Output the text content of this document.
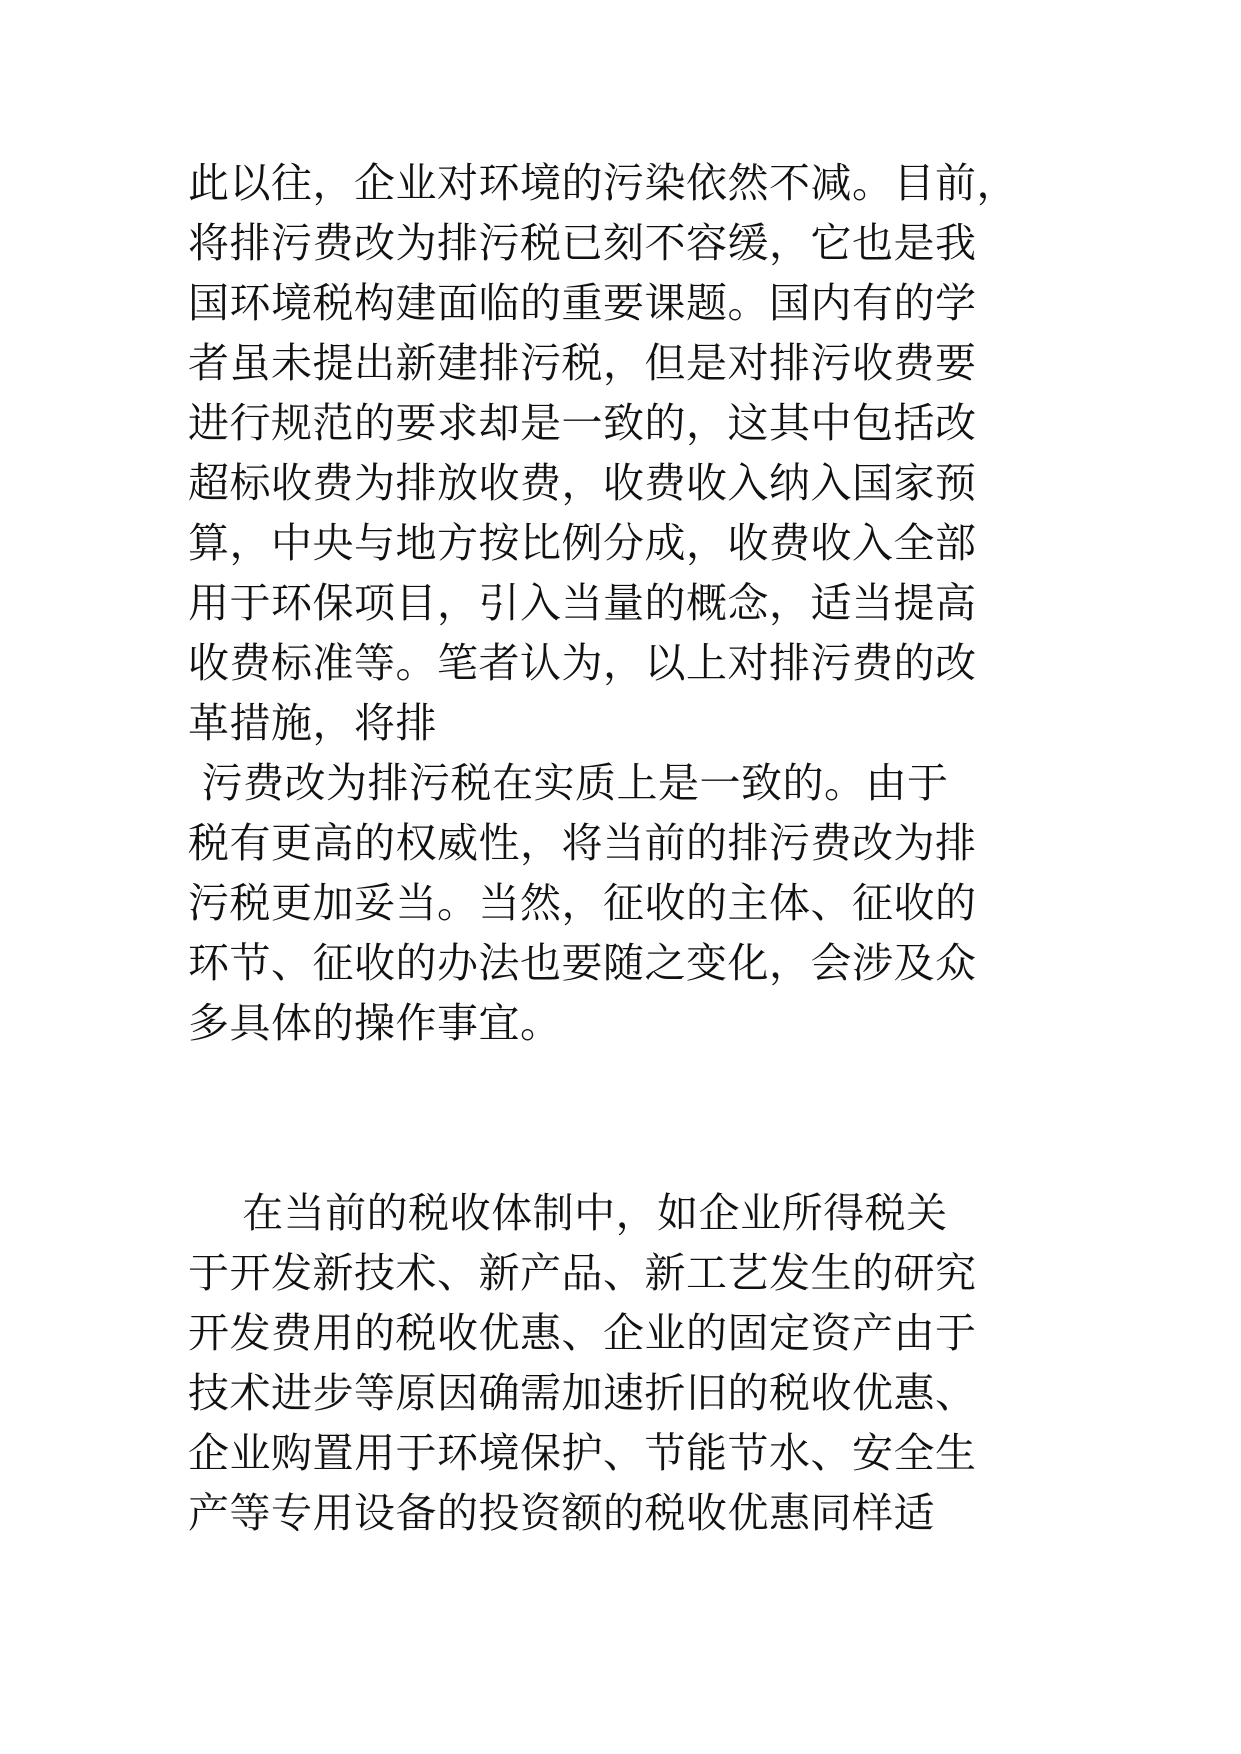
此以往，企业对环境的污染依然不减。目前，
将排污费改为排污税已刻不容缓，它也是我
国环境税构建面临的重要课题。国内有的学
者虽未提出新建排污税，但是对排污收费要
进行规范的要求却是一致的，这其中包括改
超标收费为排放收费，收费收入纳入国家预
算，中央与地方按比例分成，收费收入全部
用于环保项目，引入当量的概念，适当提高
收费标准等。笔者认为，以上对排污费的改
革措施，将排
污费改为排污税在实质上是一致的。由于
税有更高的权威性，将当前的排污费改为排
污税更加妥当。当然，征收的主体、征收的
环节、征收的办法也要随之变化，会涉及众
多具体的操作事宜。
在当前的税收体制中，如企业所得税关
于开发新技术、新产品、新工艺发生的研究
开发费用的税收优惠、企业的固定资产由于
技术进步等原因确需加速折旧的税收优惠、
企业购置用于环境保护、节能节水、安全生
产等专用设备的投资额的税收优惠同样适
